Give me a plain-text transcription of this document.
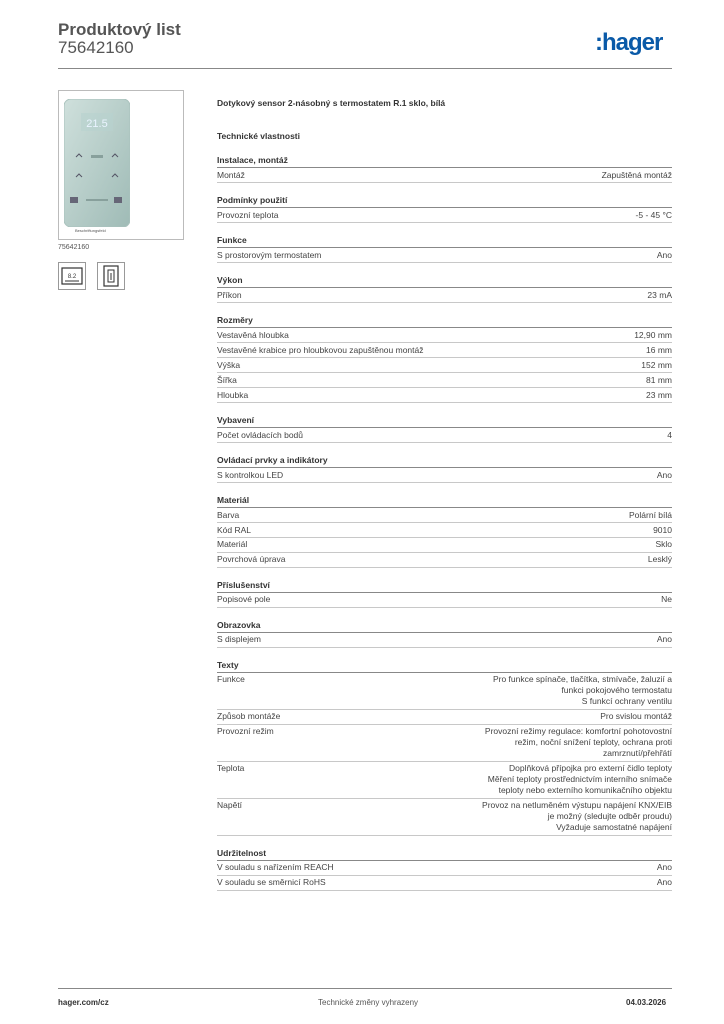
Produktový list
75642160	:hager
21.5
Beschriftungsfeld
75642160
8.2
Dotykový sensor 2-násobný s termostatem R.1 sklo, bílá
Technické vlastnosti
Instalace, montáž
Montáž	Zapuštěná montáž
Podmínky použití
Provozní teplota	-5 - 45 °C
Funkce
S prostorovým termostatem	Ano
Výkon
Příkon	23 mA
Rozměry
Vestavěná hloubka	12,90 mm
Vestavěné krabice pro hloubkovou zapuštěnou montáž	16 mm
Výška	152 mm
Šířka	81 mm
Hloubka	23 mm
Vybavení
Počet ovládacích bodů	4
Ovládací prvky a indikátory
S kontrolkou LED	Ano
Materiál
Barva	Polární bílá
Kód RAL	9010
Materiál	Sklo
Povrchová úprava	Lesklý
Příslušenství
Popisové pole	Ne
Obrazovka
S displejem	Ano
Texty
Funkce	Pro funkce spínače, tlačítka, stmívače, žaluzií a
funkci pokojového termostatu
S funkcí ochrany ventilu
Způsob montáže	Pro svislou montáž
Provozní režim	Provozní režimy regulace: komfortní pohotovostní
režim, noční snížení teploty, ochrana proti
zamrznutí/přehřátí
Teplota	Doplňková přípojka pro externí čidlo teploty
Měření teploty prostřednictvím interního snímače
teploty nebo externího komunikačního objektu
Napětí	Provoz na netluměném výstupu napájení KNX/EIB
je možný (sledujte odběr proudu)
Vyžaduje samostatné napájení
Udržitelnost
V souladu s nařízením REACH	Ano
V souladu se směrnicí RoHS	Ano
hager.com/cz	Technické změny vyhrazeny	04.03.2026
